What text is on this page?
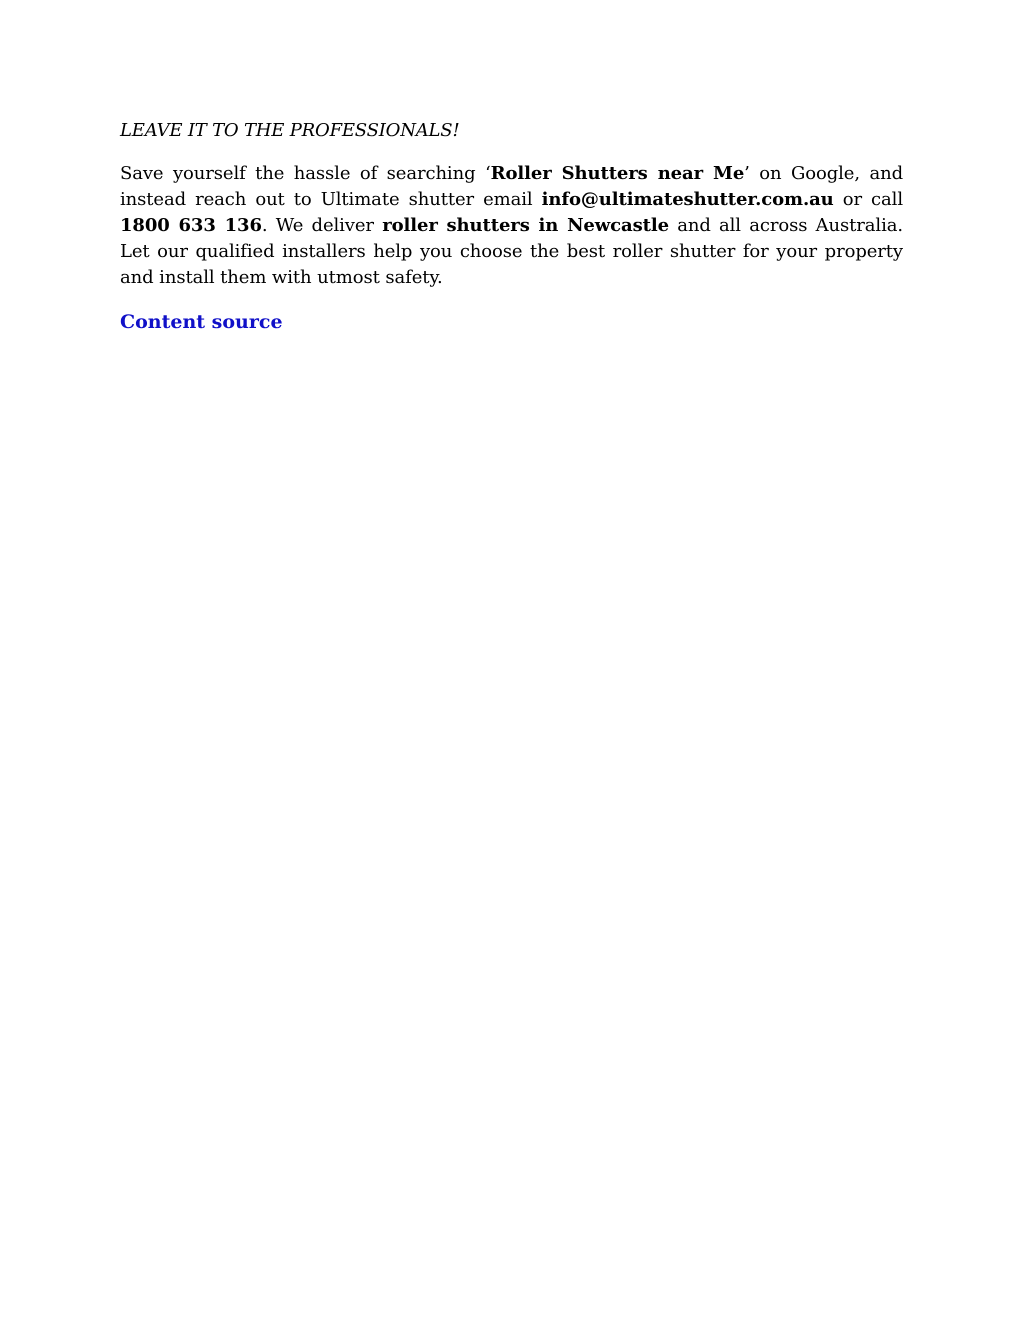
LEAVE IT TO THE PROFESSIONALS!

Save yourself the hassle of searching ‘Roller Shutters near Me’ on Google, and instead reach out to Ultimate shutter email info@ultimateshutter.com.au or call 1800 633 136. We deliver roller shutters in Newcastle and all across Australia. Let our qualified installers help you choose the best roller shutter for your property and install them with utmost safety.

Content source
